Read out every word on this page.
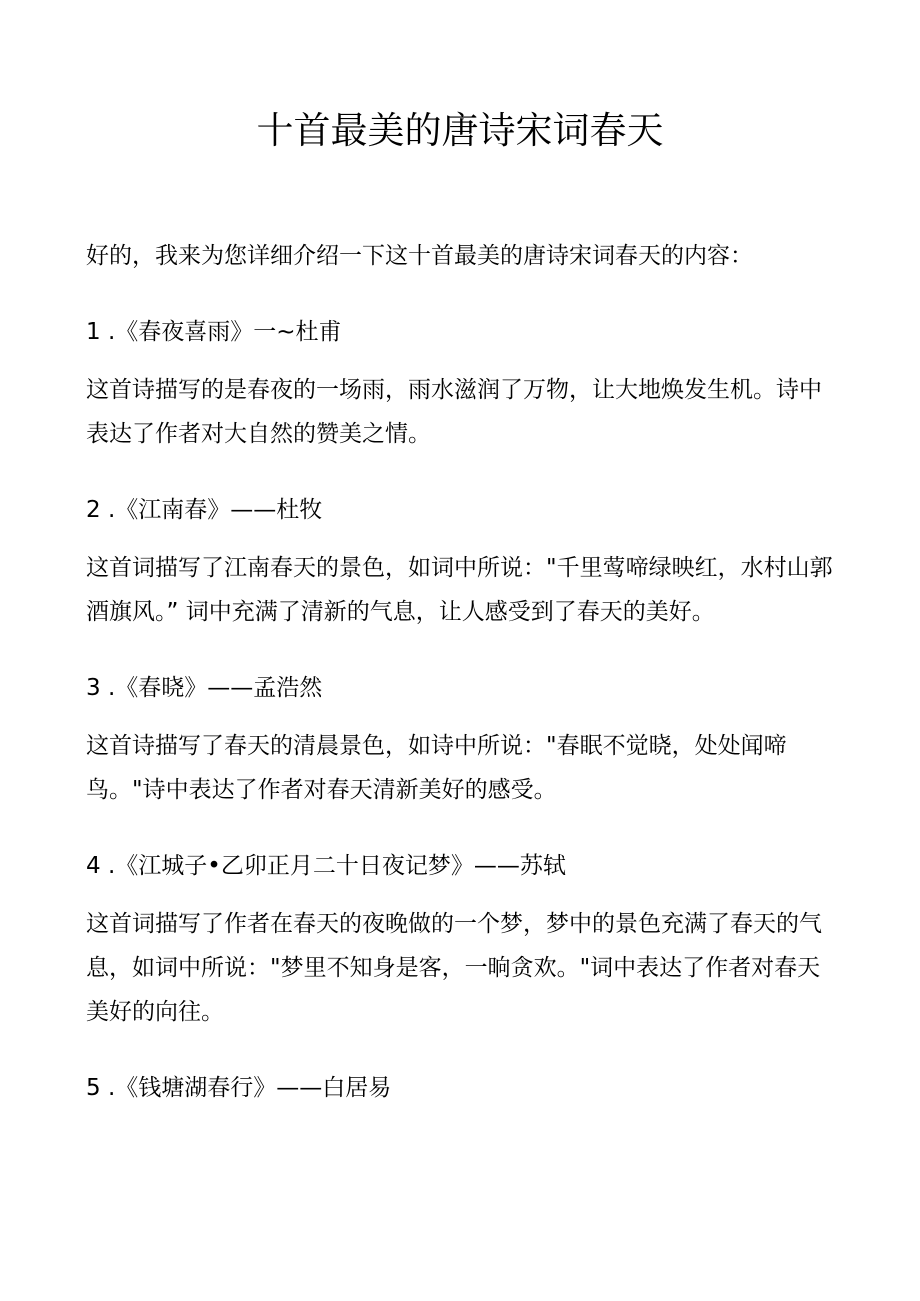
十首最美的唐诗宋词春天

好的，我来为您详细介绍一下这十首最美的唐诗宋词春天的内容：

1 .《春夜喜雨》一~杜甫

这首诗描写的是春夜的一场雨，雨水滋润了万物，让大地焕发生机。诗中表达了作者对大自然的赞美之情。

2 .《江南春》——杜牧

这首词描写了江南春天的景色，如词中所说："千里莺啼绿映红，水村山郭酒旗风。” 词中充满了清新的气息，让人感受到了春天的美好。

3 .《春晓》——孟浩然

这首诗描写了春天的清晨景色，如诗中所说："春眠不觉晓，处处闻啼鸟。"诗中表达了作者对春天清新美好的感受。

4 .《江城子•乙卯正月二十日夜记梦》——苏轼

这首词描写了作者在春天的夜晚做的一个梦，梦中的景色充满了春天的气息，如词中所说："梦里不知身是客，一晌贪欢。"词中表达了作者对春天美好的向往。

5 .《钱塘湖春行》——白居易
